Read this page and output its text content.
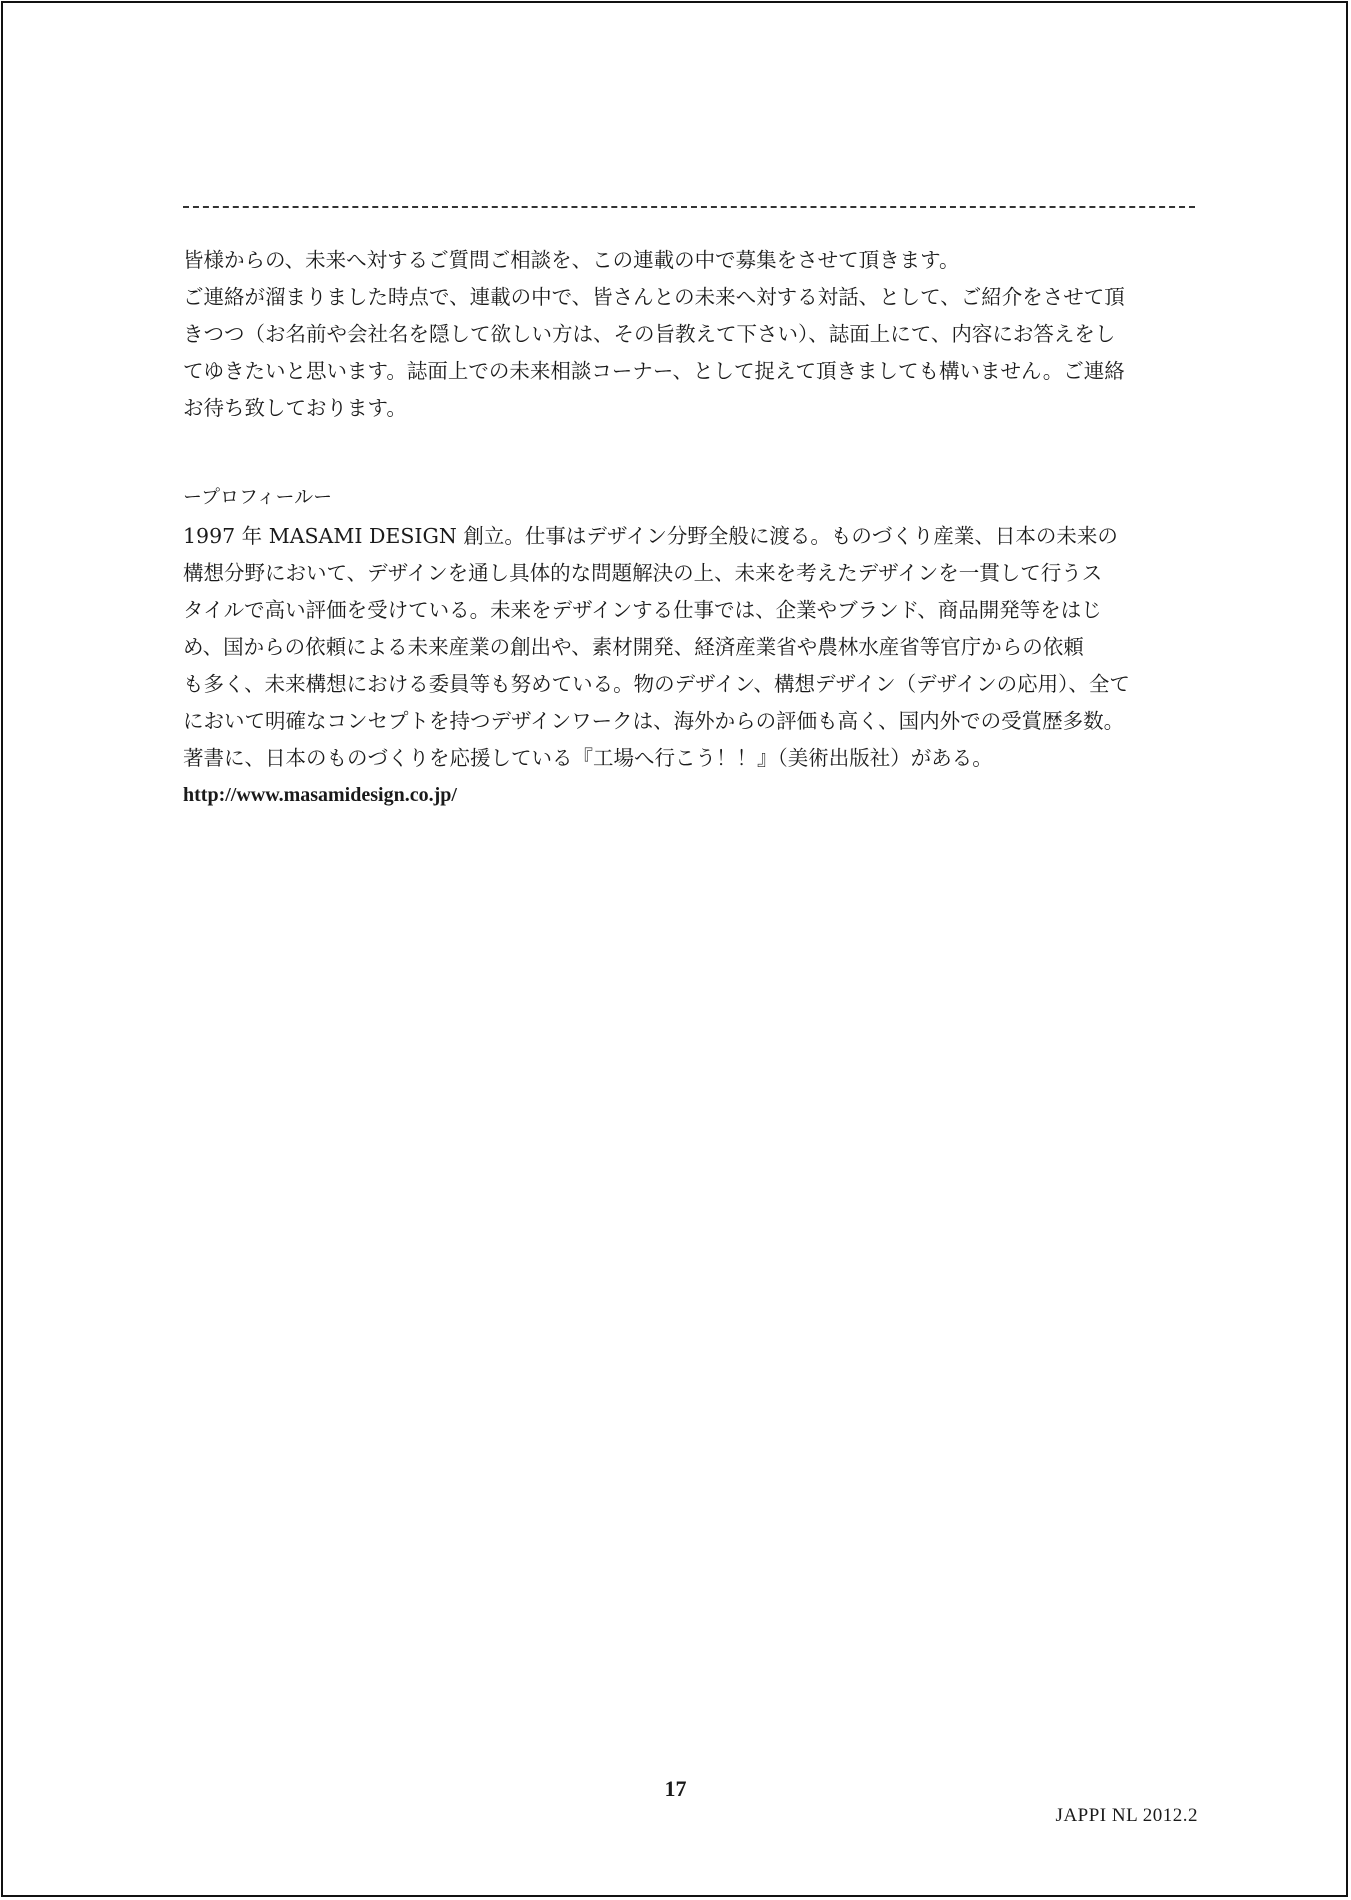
皆様からの、未来へ対するご質問ご相談を、この連載の中で募集をさせて頂きます。

ご連絡が溜まりました時点で、連載の中で、皆さんとの未来へ対する対話、として、ご紹介をさせて頂

きつつ（お名前や会社名を隠して欲しい方は、その旨教えて下さい）、誌面上にて、内容にお答えをし

てゆきたいと思います。誌面上での未来相談コーナー、として捉えて頂きましても構いません。ご連絡

お待ち致しております。

ープロフィールー

1997 年 MASAMI DESIGN 創立。仕事はデザイン分野全般に渡る。ものづくり産業、日本の未来の

構想分野において、デザインを通し具体的な問題解決の上、未来を考えたデザインを一貫して行うス

タイルで高い評価を受けている。未来をデザインする仕事では、企業やブランド、商品開発等をはじ

め、国からの依頼による未来産業の創出や、素材開発、経済産業省や農林水産省等官庁からの依頼

も多く、未来構想における委員等も努めている。物のデザイン、構想デザイン（デザインの応用）、全て

において明確なコンセプトを持つデザインワークは、海外からの評価も高く、国内外での受賞歴多数。

著書に、日本のものづくりを応援している『工場へ行こう！！』（美術出版社）がある。

http://www.masamidesign.co.jp/

17
JAPPI NL 2012.2
